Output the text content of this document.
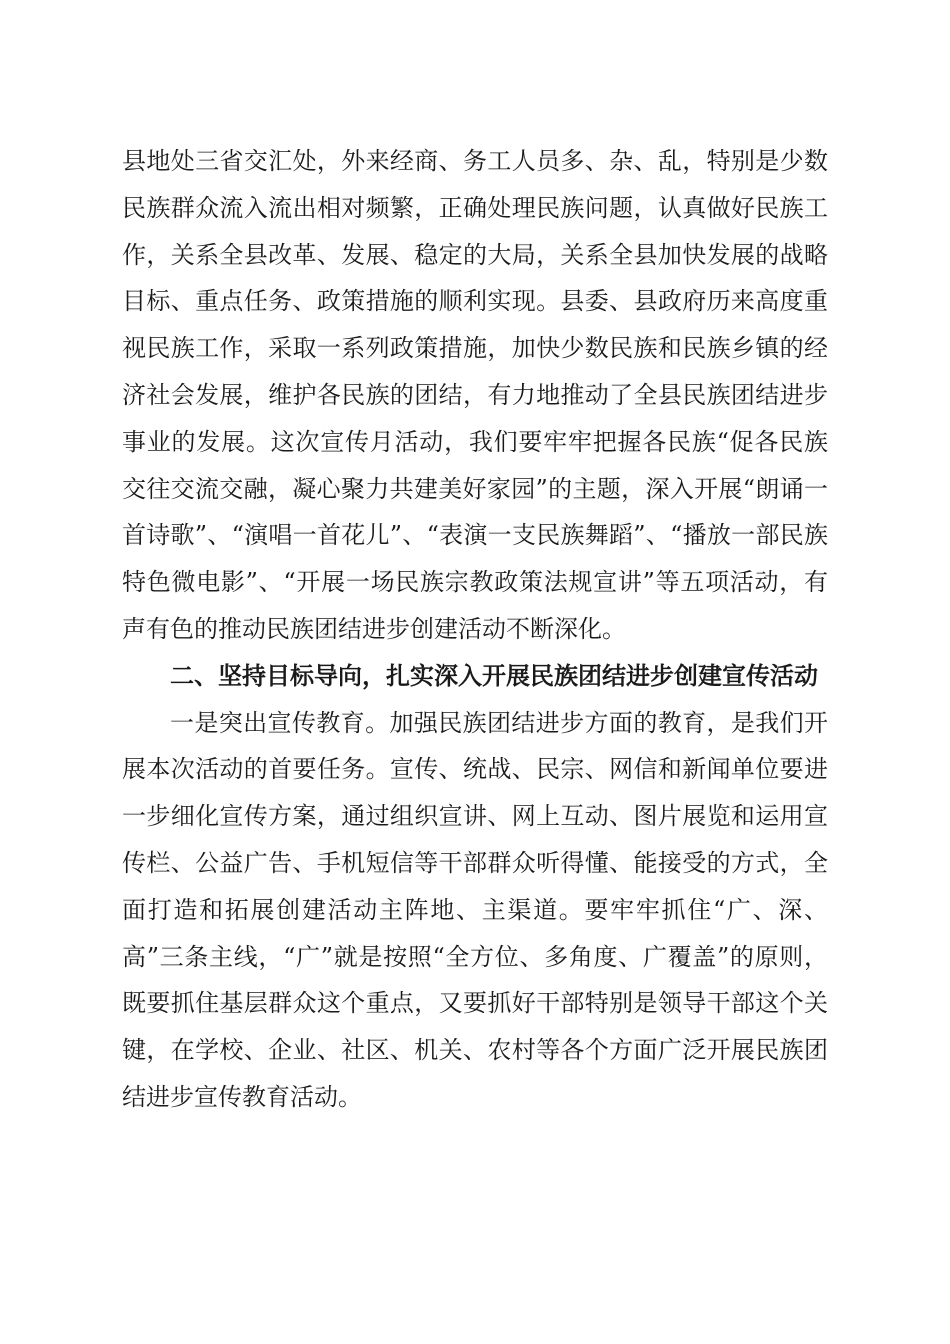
县地处三省交汇处，外来经商、务工人员多、杂、乱，特别是少数民族群众流入流出相对频繁，正确处理民族问题，认真做好民族工作，关系全县改革、发展、稳定的大局，关系全县加快发展的战略目标、重点任务、政策措施的顺利实现。县委、县政府历来高度重视民族工作，采取一系列政策措施，加快少数民族和民族乡镇的经济社会发展，维护各民族的团结，有力地推动了全县民族团结进步事业的发展。这次宣传月活动，我们要牢牢把握各民族“促各民族交往交流交融，凝心聚力共建美好家园”的主题，深入开展“朗诵一首诗歌”、“演唱一首花儿”、“表演一支民族舞蹈”、“播放一部民族特色微电影”、“开展一场民族宗教政策法规宣讲”等五项活动，有声有色的推动民族团结进步创建活动不断深化。

二、坚持目标导向，扎实深入开展民族团结进步创建宣传活动

一是突出宣传教育。加强民族团结进步方面的教育，是我们开展本次活动的首要任务。宣传、统战、民宗、网信和新闻单位要进一步细化宣传方案，通过组织宣讲、网上互动、图片展览和运用宣传栏、公益广告、手机短信等干部群众听得懂、能接受的方式，全面打造和拓展创建活动主阵地、主渠道。要牢牢抓住“广、深、高”三条主线，“广”就是按照“全方位、多角度、广覆盖”的原则，既要抓住基层群众这个重点，又要抓好干部特别是领导干部这个关键，在学校、企业、社区、机关、农村等各个方面广泛开展民族团结进步宣传教育活动。
